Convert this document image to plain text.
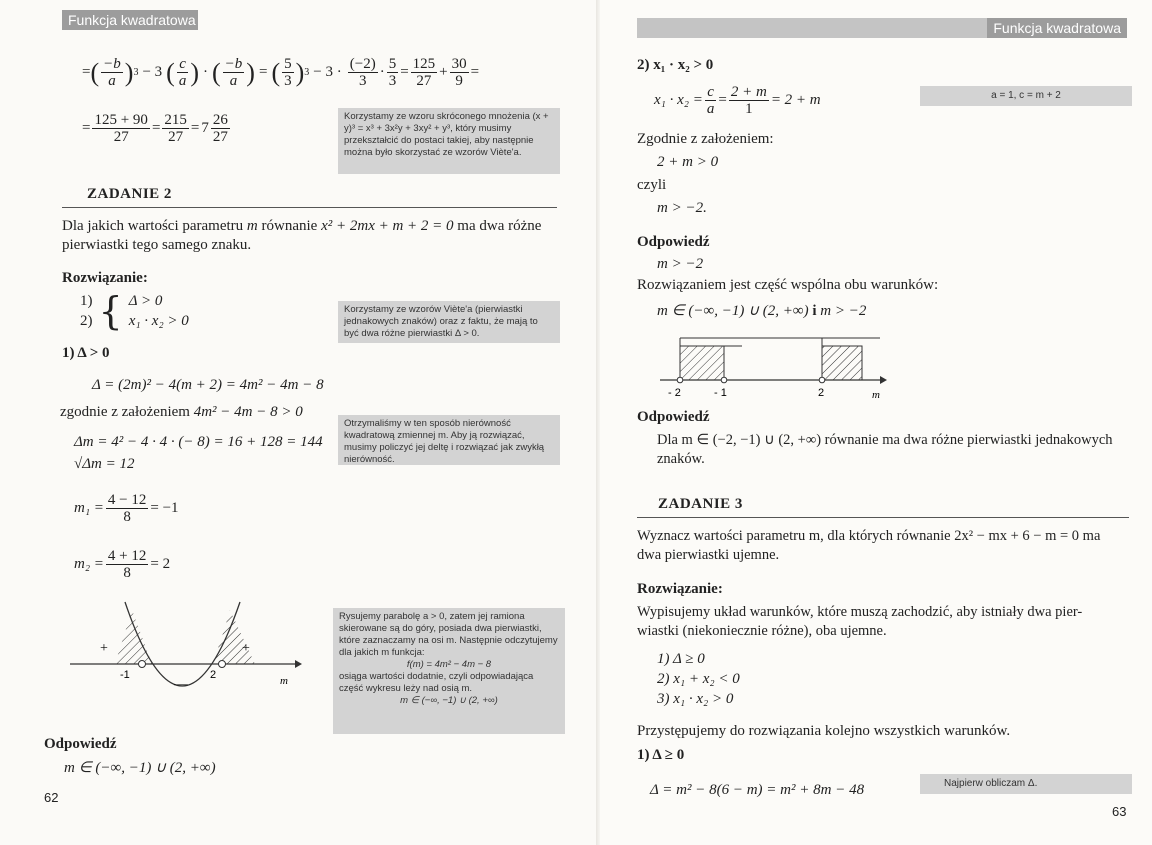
Funkcja kwadratowa
= ( $\frac{-b}{a}$ ) 3 − 3 ( $\frac{c}{a}$ ) · ( $\frac{-b}{a}$ ) = ( $\frac{5}{3}$ ) $3 - 3 \cdot \frac{(-2)}{3} \cdot \frac{5}{3} = \frac{125}{27} + \frac{30}{9}$ =
= $\frac{125 + 90}{27} = \frac{215}{27} = 7 \frac{26}{27}$	Korzystamy ze wzoru skróconego mnożenia (x + y)³ = x³ + 3x²y + 3xy² + y³, który musimy przekształcić do postaci takiej, aby następnie można było skorzystać ze wzorów Viète'a.
ZADANIE 2
Dla jakich wartości parametru m równanie x² + 2mx + m + 2 = 0 ma dwa różne
pierwiastki tego samego znaku.
Rozwiązanie:
1)
2) { Δ > 0
x₁ · x₂ > 0
Korzystamy ze wzorów Viète'a (pierwiastki jednakowych znaków) oraz z faktu, że mają to być dwa różne pierwiastki Δ > 0.
1) Δ > 0
Δ = (2m)² − 4(m + 2) = 4m² − 4m − 8
zgodnie z założeniem 4m² − 4m − 8 > 0
Otrzymaliśmy w ten sposób nierówność kwadratową zmiennej m. Aby ją rozwiązać, musimy policzyć jej deltę i rozwiązać jak zwykłą nierówność.
Δm = 4² − 4 · 4 · (− 8) = 16 + 128 = 144
√Δm = 12
$m_1 = \frac{4 - 12}{8} = -1$
$m_2 = \frac{4 + 12}{8} = 2$
+
—
+
-1	2	m
Rysujemy parabolę a > 0, zatem jej ramiona skierowane są do góry, posiada dwa pierwiastki, które zaznaczamy na osi m. Następnie odczytujemy dla jakich m funkcja:
f(m) = 4m² − 4m − 8
osiąga wartości dodatnie, czyli odpowiadająca część wykresu leży nad osią m.
m ∈ (−∞, −1) ∪ (2, +∞)
Odpowiedź
m ∈ (−∞, −1) ∪ (2, +∞)
62
Funkcja kwadratowa
2) x₁ · x₂ > 0
$x_1 \cdot x_2 = \frac{c}{a} = \frac{2 + m}{1} = 2 + m$	a = 1, c = m + 2
Zgodnie z założeniem:
2 + m > 0
czyli
m > −2.
Odpowiedź
m > −2
Rozwiązaniem jest część wspólna obu warunków:
m ∈ (−∞, −1) ∪ (2, +∞) i m > −2
- 2	- 1	2	m
Odpowiedź
Dla m ∈ (−2, −1) ∪ (2, +∞) równanie ma dwa różne pierwiastki jednakowych
znaków.
ZADANIE 3
Wyznacz wartości parametru m, dla których równanie 2x² − mx + 6 − m = 0 ma
dwa pierwiastki ujemne.
Rozwiązanie:
Wypisujemy układ warunków, które muszą zachodzić, aby istniały dwa pier-
wiastki (niekoniecznie różne), oba ujemne.
1) Δ ≥ 0
2) x₁ + x₂ < 0
3) x₁ · x₂ > 0
Przystępujemy do rozwiązania kolejno wszystkich warunków.
1) Δ ≥ 0
Δ = m² − 8(6 − m) = m² + 8m − 48	Najpierw obliczam Δ.
63
